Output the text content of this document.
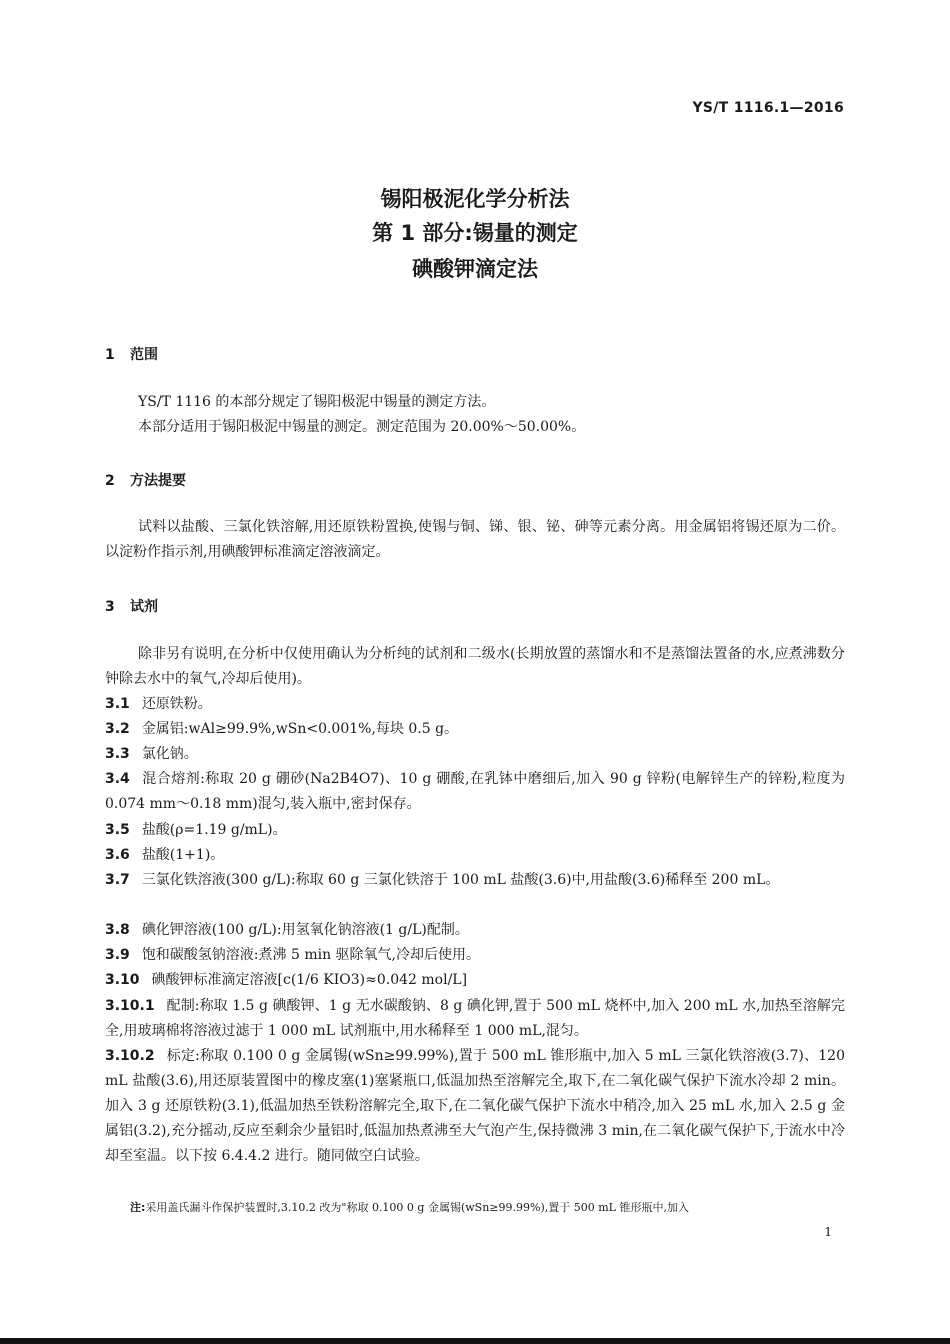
YS/T 1116.1—2016
锡阳极泥化学分析法
第 1 部分:锡量的测定
碘酸钾滴定法
1 范围
YS/T 1116 的本部分规定了锡阳极泥中锡量的测定方法。
本部分适用于锡阳极泥中锡量的测定。测定范围为 20.00%～50.00%。
2 方法提要
试料以盐酸、三氯化铁溶解,用还原铁粉置换,使锡与铜、锑、银、铋、砷等元素分离。用金属铝将锡还原为二价。以淀粉作指示剂,用碘酸钾标准滴定溶液滴定。
3 试剂
除非另有说明,在分析中仅使用确认为分析纯的试剂和二级水(长期放置的蒸馏水和不是蒸馏法置备的水,应煮沸数分钟除去水中的氧气,冷却后使用)。
3.1 还原铁粉。
3.2 金属铝:wAl≥99.9%,wSn<0.001%,每块 0.5 g。
3.3 氯化钠。
3.4 混合熔剂:称取 20 g 硼砂(Na2B4O7)、10 g 硼酸,在乳钵中磨细后,加入 90 g 锌粉(电解锌生产的锌粉,粒度为 0.074 mm～0.18 mm)混匀,装入瓶中,密封保存。
3.5 盐酸(ρ=1.19 g/mL)。
3.6 盐酸(1+1)。
3.7 三氯化铁溶液(300 g/L):称取 60 g 三氯化铁溶于 100 mL 盐酸(3.6)中,用盐酸(3.6)稀释至 200 mL。
3.8 碘化钾溶液(100 g/L):用氢氧化钠溶液(1 g/L)配制。
3.9 饱和碳酸氢钠溶液:煮沸 5 min 驱除氧气,冷却后使用。
3.10 碘酸钾标准滴定溶液[c(1/6 KIO3)≈0.042 mol/L]
3.10.1 配制:称取 1.5 g 碘酸钾、1 g 无水碳酸钠、8 g 碘化钾,置于 500 mL 烧杯中,加入 200 mL 水,加热至溶解完全,用玻璃棉将溶液过滤于 1 000 mL 试剂瓶中,用水稀释至 1 000 mL,混匀。
3.10.2 标定:称取 0.100 0 g 金属锡(wSn≥99.99%),置于 500 mL 锥形瓶中,加入 5 mL 三氯化铁溶液(3.7)、120 mL 盐酸(3.6),用还原装置图中的橡皮塞(1)塞紧瓶口,低温加热至溶解完全,取下,在二氧化碳气保护下流水冷却 2 min。加入 3 g 还原铁粉(3.1),低温加热至铁粉溶解完全,取下,在二氧化碳气保护下流水中稍冷,加入 25 mL 水,加入 2.5 g 金属铝(3.2),充分摇动,反应至剩余少量铝时,低温加热煮沸至大气泡产生,保持微沸 3 min,在二氧化碳气保护下,于流水中冷却至室温。以下按 6.4.4.2 进行。随同做空白试验。
注:采用盖氏漏斗作保护装置时,3.10.2 改为"称取 0.100 0 g 金属锡(wSn≥99.99%),置于 500 mL 锥形瓶中,加入
1
